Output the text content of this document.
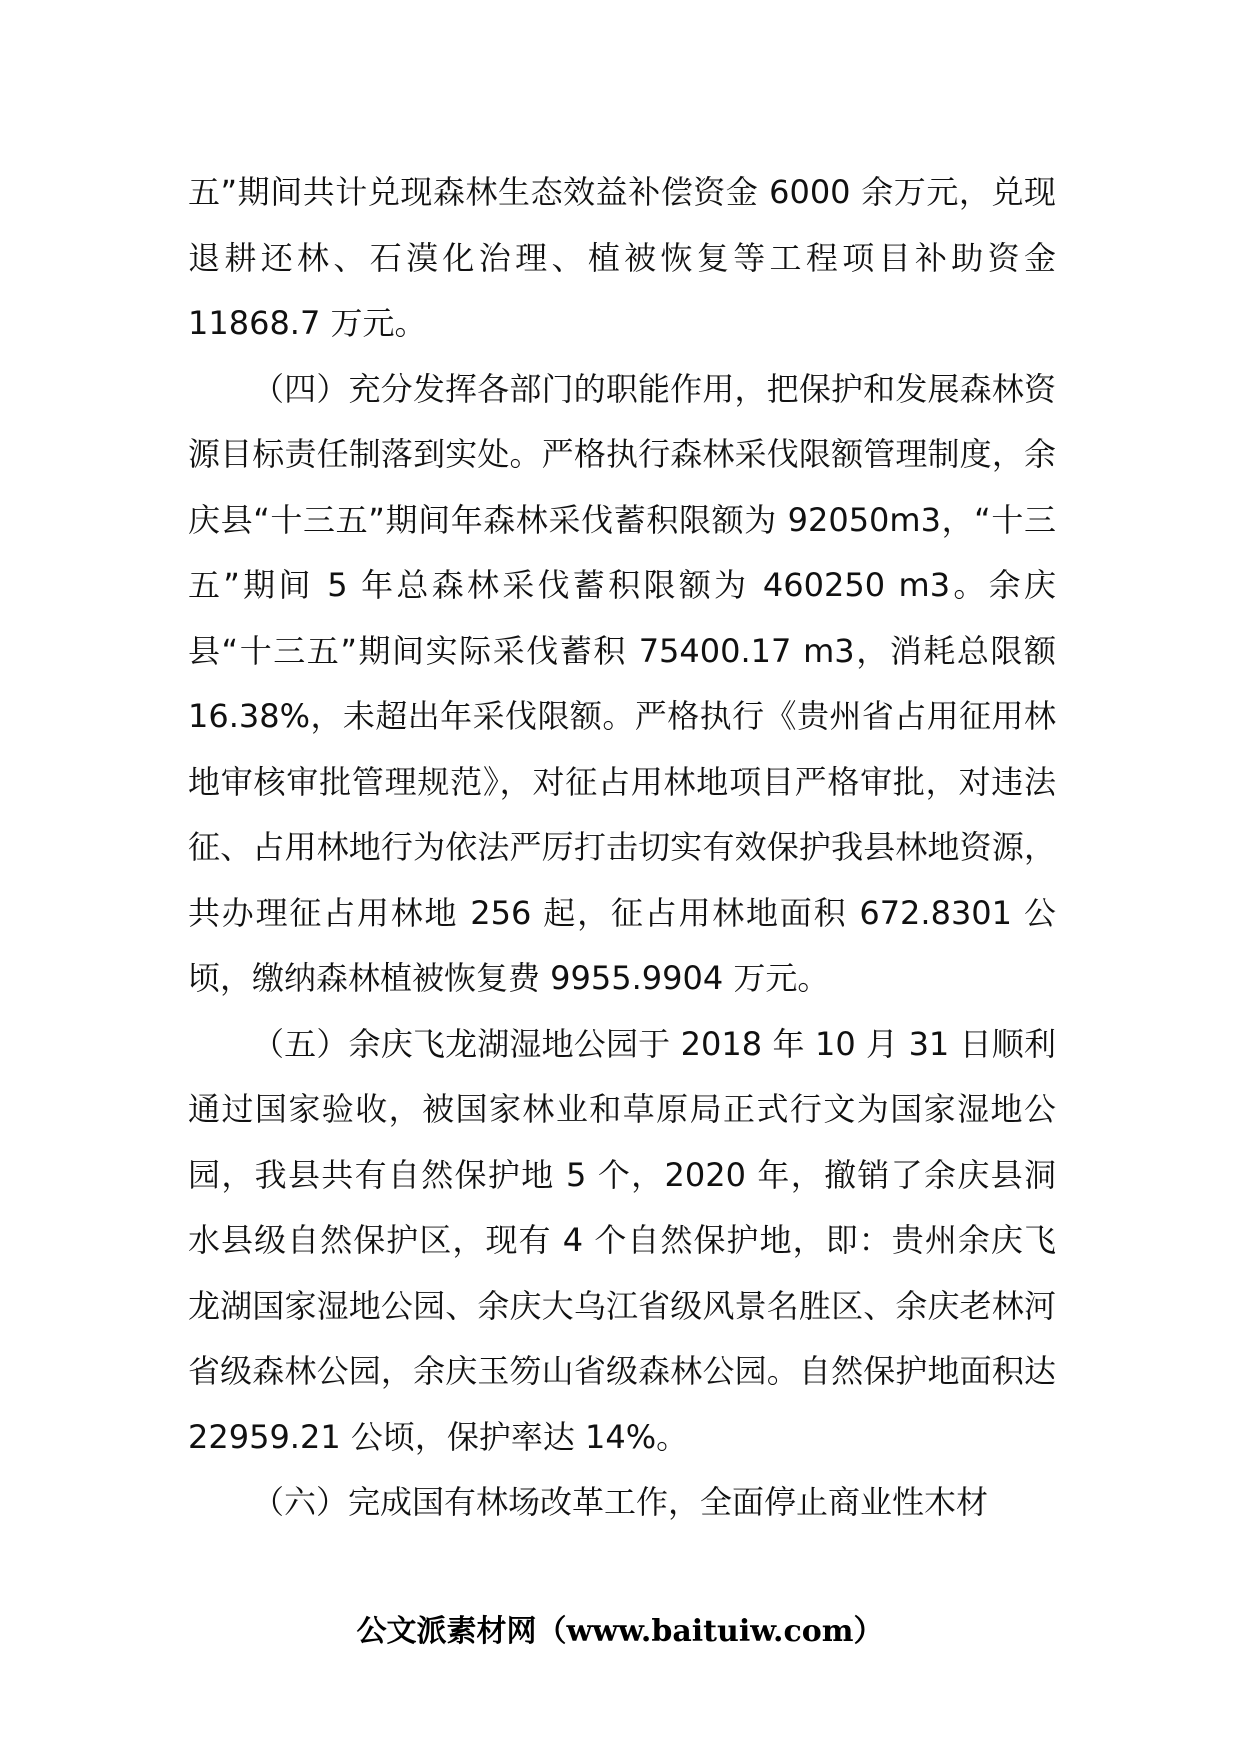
五”期间共计兑现森林生态效益补偿资金 6000 余万元，兑现退耕还林、石漠化治理、植被恢复等工程项目补助资金 11868.7 万元。

（四）充分发挥各部门的职能作用，把保护和发展森林资源目标责任制落到实处。严格执行森林采伐限额管理制度，余庆县“十三五”期间年森林采伐蓄积限额为 92050m3，“十三五”期间 5 年总森林采伐蓄积限额为 460250 m3。余庆县“十三五”期间实际采伐蓄积 75400.17 m3，消耗总限额 16.38%，未超出年采伐限额。严格执行《贵州省占用征用林地审核审批管理规范》，对征占用林地项目严格审批，对违法征、占用林地行为依法严厉打击切实有效保护我县林地资源，共办理征占用林地 256 起，征占用林地面积 672.8301 公顷，缴纳森林植被恢复费 9955.9904 万元。

（五）余庆飞龙湖湿地公园于 2018 年 10 月 31 日顺利通过国家验收，被国家林业和草原局正式行文为国家湿地公园，我县共有自然保护地 5 个，2020 年，撤销了余庆县洞水县级自然保护区，现有 4 个自然保护地，即：贵州余庆飞龙湖国家湿地公园、余庆大乌江省级风景名胜区、余庆老林河省级森林公园，余庆玉笏山省级森林公园。自然保护地面积达 22959.21 公顷，保护率达 14%。

（六）完成国有林场改革工作，全面停止商业性木材

公文派素材网（www.baituiw.com）
